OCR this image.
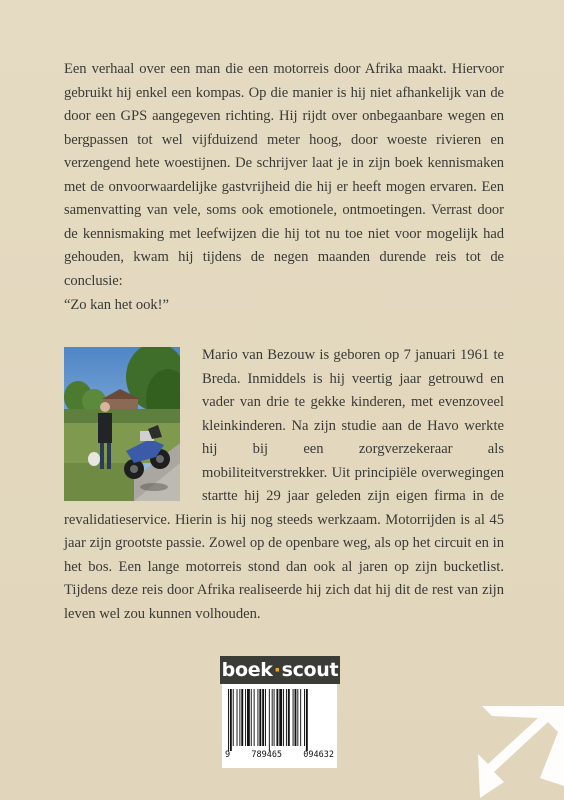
Een verhaal over een man die een motorreis door Afrika maakt. Hiervoor gebruikt hij enkel een kompas. Op die manier is hij niet afhankelijk van de door een GPS aangegeven richting. Hij rijdt over onbegaanbare wegen en bergpassen tot wel vijfduizend meter hoog, door woeste rivieren en verzengend hete woestijnen. De schrijver laat je in zijn boek kennismaken met de onvoorwaardelijke gastvrijheid die hij er heeft mogen ervaren. Een samenvatting van vele, soms ook emotionele, ontmoetingen. Verrast door de kennismaking met leefwijzen die hij tot nu toe niet voor mogelijk had gehouden, kwam hij tijdens de negen maanden durende reis tot de conclusie:

“Zo kan het ook!”

Mario van Bezouw is geboren op 7 januari 1961 te Breda. Inmiddels is hij veertig jaar getrouwd en vader van drie te gekke kinderen, met evenzoveel kleinkinderen. Na zijn studie aan de Havo werkte hij bij een zorgverzekeraar als mobiliteitverstrekker. Uit principiële overwegingen startte hij 29 jaar geleden zijn eigen firma in de revalidatieservice. Hierin is hij nog steeds werkzaam. Motorrijden is al 45 jaar zijn grootste passie. Zowel op de openbare weg, als op het circuit en in het bos. Een lange motorreis stond dan ook al jaren op zijn bucketlist. Tijdens deze reis door Afrika realiseerde hij zich dat hij dit de rest van zijn leven wel zou kunnen volhouden.
boek · scout
9 789465 094632
